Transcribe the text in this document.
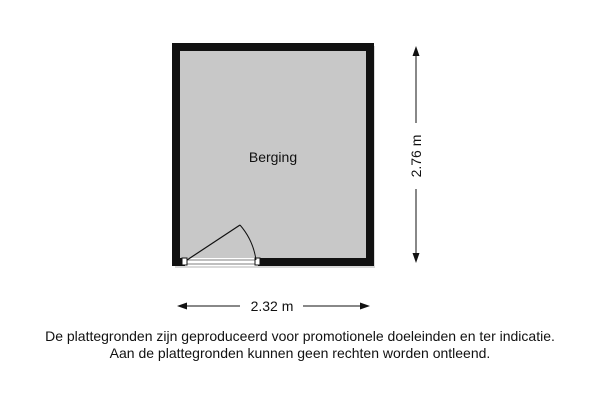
Berging	2.76 m
2.32 m
De plattegronden zijn geproduceerd voor promotionele doeleinden en ter indicatie.
Aan de plattegronden kunnen geen rechten worden ontleend.
